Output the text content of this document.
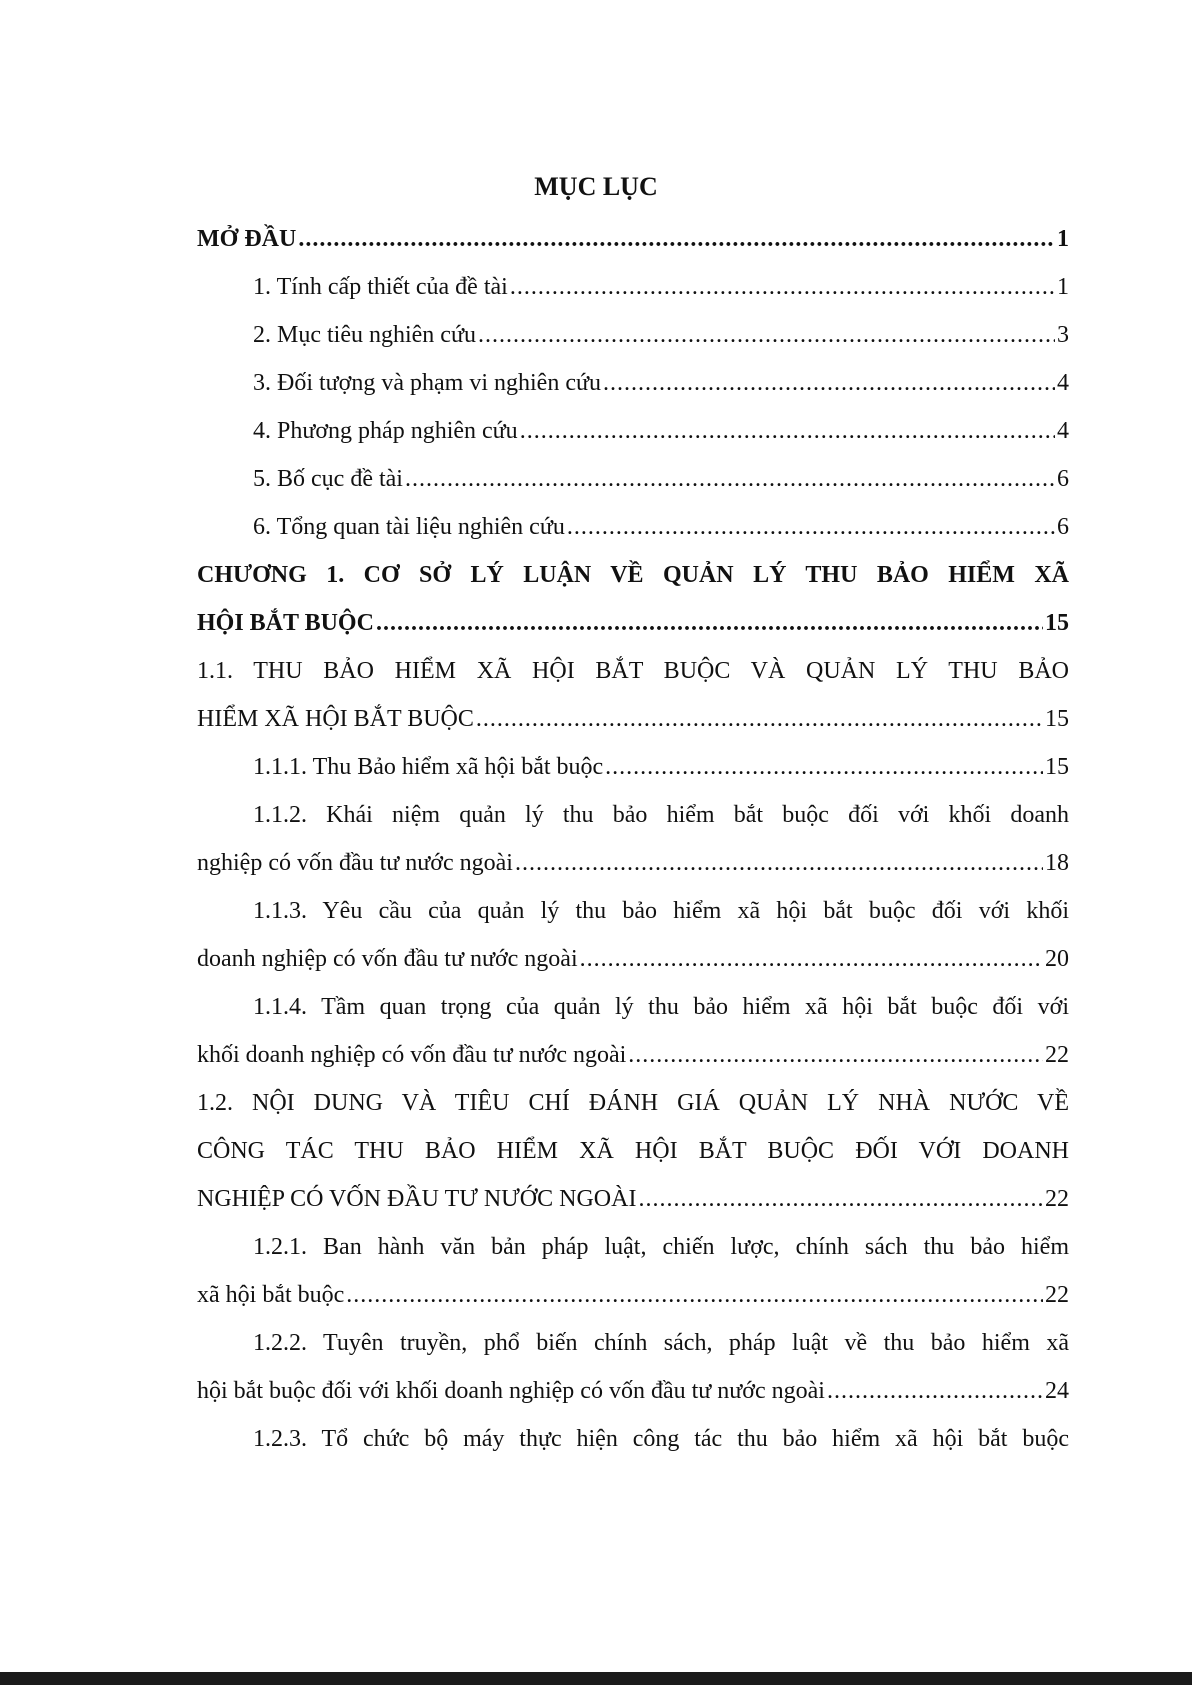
MỤC LỤC
MỞ ĐẦU .....	1
1. Tính cấp thiết của đề tài .....	1
2. Mục tiêu nghiên cứu .....	3
3. Đối tượng và phạm vi nghiên cứu .....	4
4. Phương pháp nghiên cứu .....	4
5. Bố cục đề tài .....	6
6. Tổng quan tài liệu nghiên cứu .....	6
CHƯƠNG 1. CƠ SỞ LÝ LUẬN VỀ QUẢN LÝ THU BẢO HIỂM XÃ
HỘI BẮT BUỘC .....	15
1.1. THU BẢO HIỂM XÃ HỘI BẮT BUỘC VÀ QUẢN LÝ THU BẢO
HIỂM XÃ HỘI BẮT BUỘC .....	15
1.1.1. Thu Bảo hiểm xã hội bắt buộc .....	15
1.1.2. Khái niệm quản lý thu bảo hiểm bắt buộc đối với khối doanh
nghiệp có vốn đầu tư nước ngoài .....	18
1.1.3. Yêu cầu của quản lý thu bảo hiểm xã hội bắt buộc đối với khối
doanh nghiệp có vốn đầu tư nước ngoài .....	20
1.1.4. Tầm quan trọng của quản lý thu bảo hiểm xã hội bắt buộc đối với
khối doanh nghiệp có vốn đầu tư nước ngoài .....	22
1.2. NỘI DUNG VÀ TIÊU CHÍ ĐÁNH GIÁ QUẢN LÝ NHÀ NƯỚC VỀ
CÔNG TÁC THU BẢO HIỂM XÃ HỘI BẮT BUỘC ĐỐI VỚI DOANH
NGHIỆP CÓ VỐN ĐẦU TƯ NƯỚC NGOÀI .....	22
1.2.1. Ban hành văn bản pháp luật, chiến lược, chính sách thu bảo hiểm
xã hội bắt buộc .....	22
1.2.2. Tuyên truyền, phổ biến chính sách, pháp luật về thu bảo hiểm xã
hội bắt buộc đối với khối doanh nghiệp có vốn đầu tư nước ngoài .....	24
1.2.3. Tổ chức bộ máy thực hiện công tác thu bảo hiểm xã hội bắt buộc
